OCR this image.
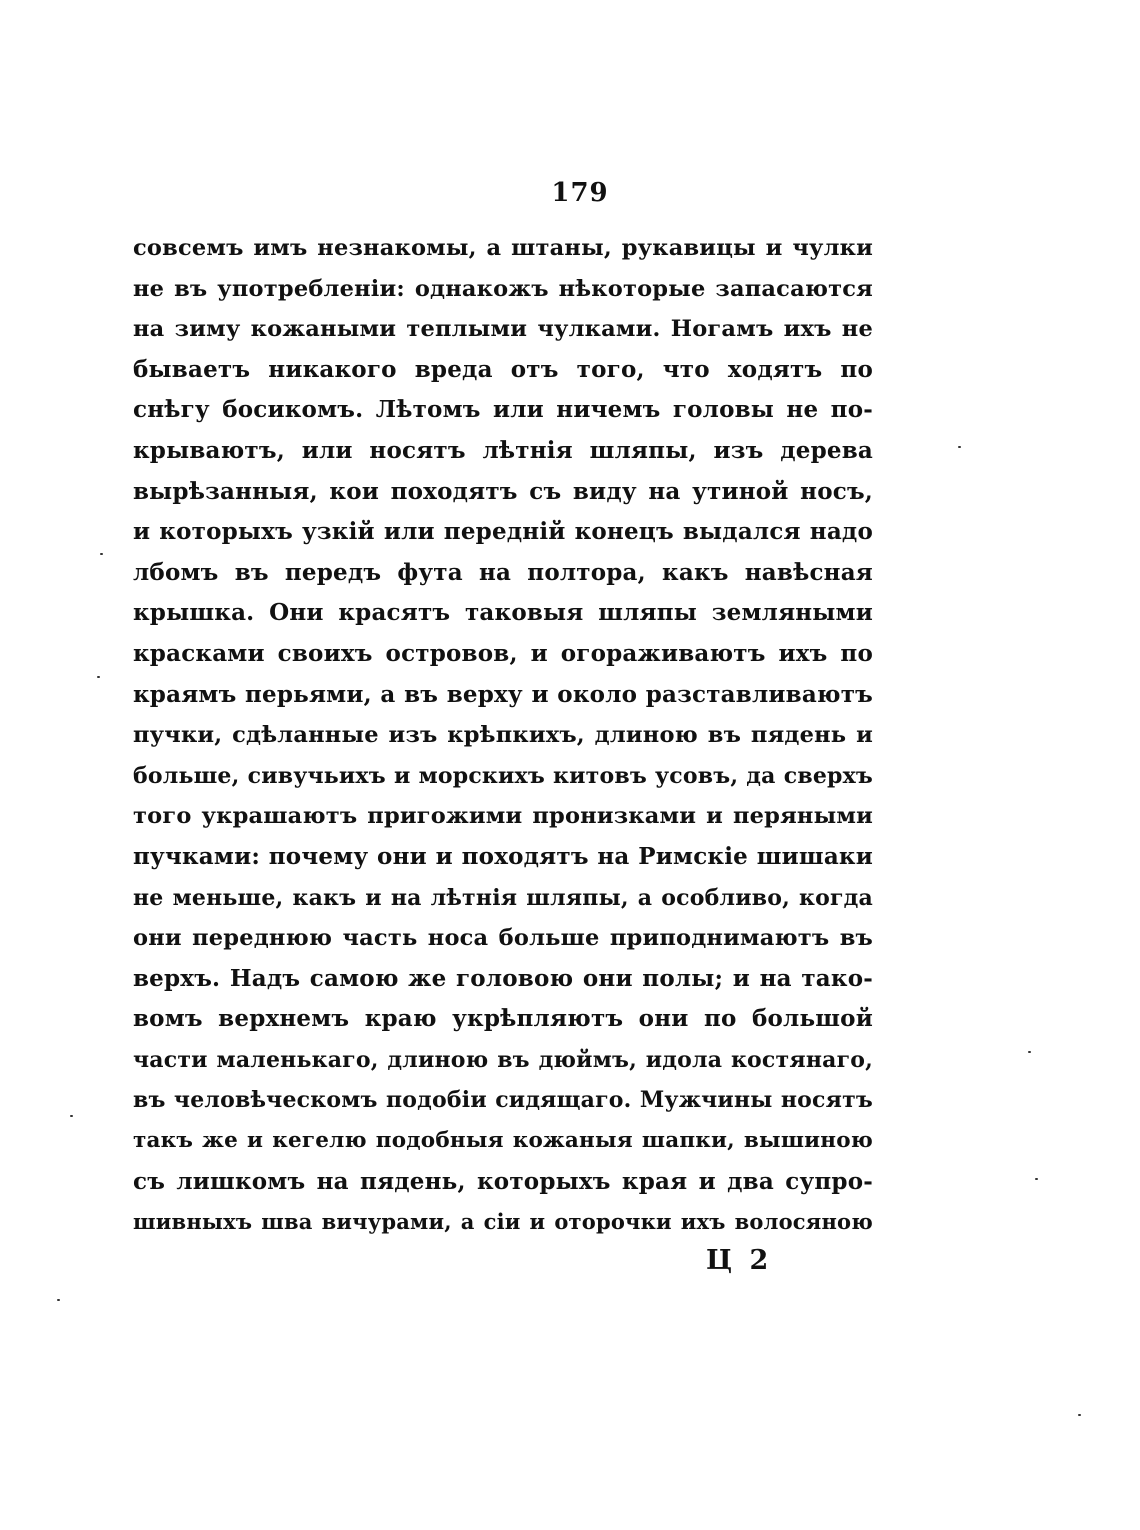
179
совсемъ имъ незнакомы, а штаны, рукавицы и чулки
не въ употребленіи: однакожъ нѣкоторые запасаются
на зиму кожаными теплыми чулками. Ногамъ ихъ не
бываетъ никакого вреда отъ того, что ходятъ по
снѣгу босикомъ. Лѣтомъ или ничемъ головы не по-
крываютъ, или носятъ лѣтнія шляпы, изъ дерева
вырѣзанныя, кои походятъ съ виду на утиной носъ,
и которыхъ узкій или передній конецъ выдался надо
лбомъ въ передъ фута на полтора, какъ навѣсная
крышка. Они красятъ таковыя шляпы земляными
красками своихъ островов, и огораживаютъ ихъ по
краямъ перьями, а въ верху и около разставливаютъ
пучки, сдѣланные изъ крѣпкихъ, длиною въ пядень и
больше, сивучьихъ и морскихъ китовъ усовъ, да сверхъ
того украшаютъ пригожими пронизками и перяными
пучками: почему они и походятъ на Римскіе шишаки
не меньше, какъ и на лѣтнія шляпы, а особливо, когда
они переднюю часть носа больше приподнимаютъ въ
верхъ. Надъ самою же головою они полы; и на тако-
вомъ верхнемъ краю укрѣпляютъ они по большой
части маленькаго, длиною въ дюймъ, идола костянаго,
въ человѣческомъ подобіи сидящаго. Мужчины носятъ
такъ же и кегелю подобныя кожаныя шапки, вышиною
съ лишкомъ на пядень, которыхъ края и два супро-
шивныхъ шва вичурами, а сіи и оторочки ихъ волосяною
Ц 2
